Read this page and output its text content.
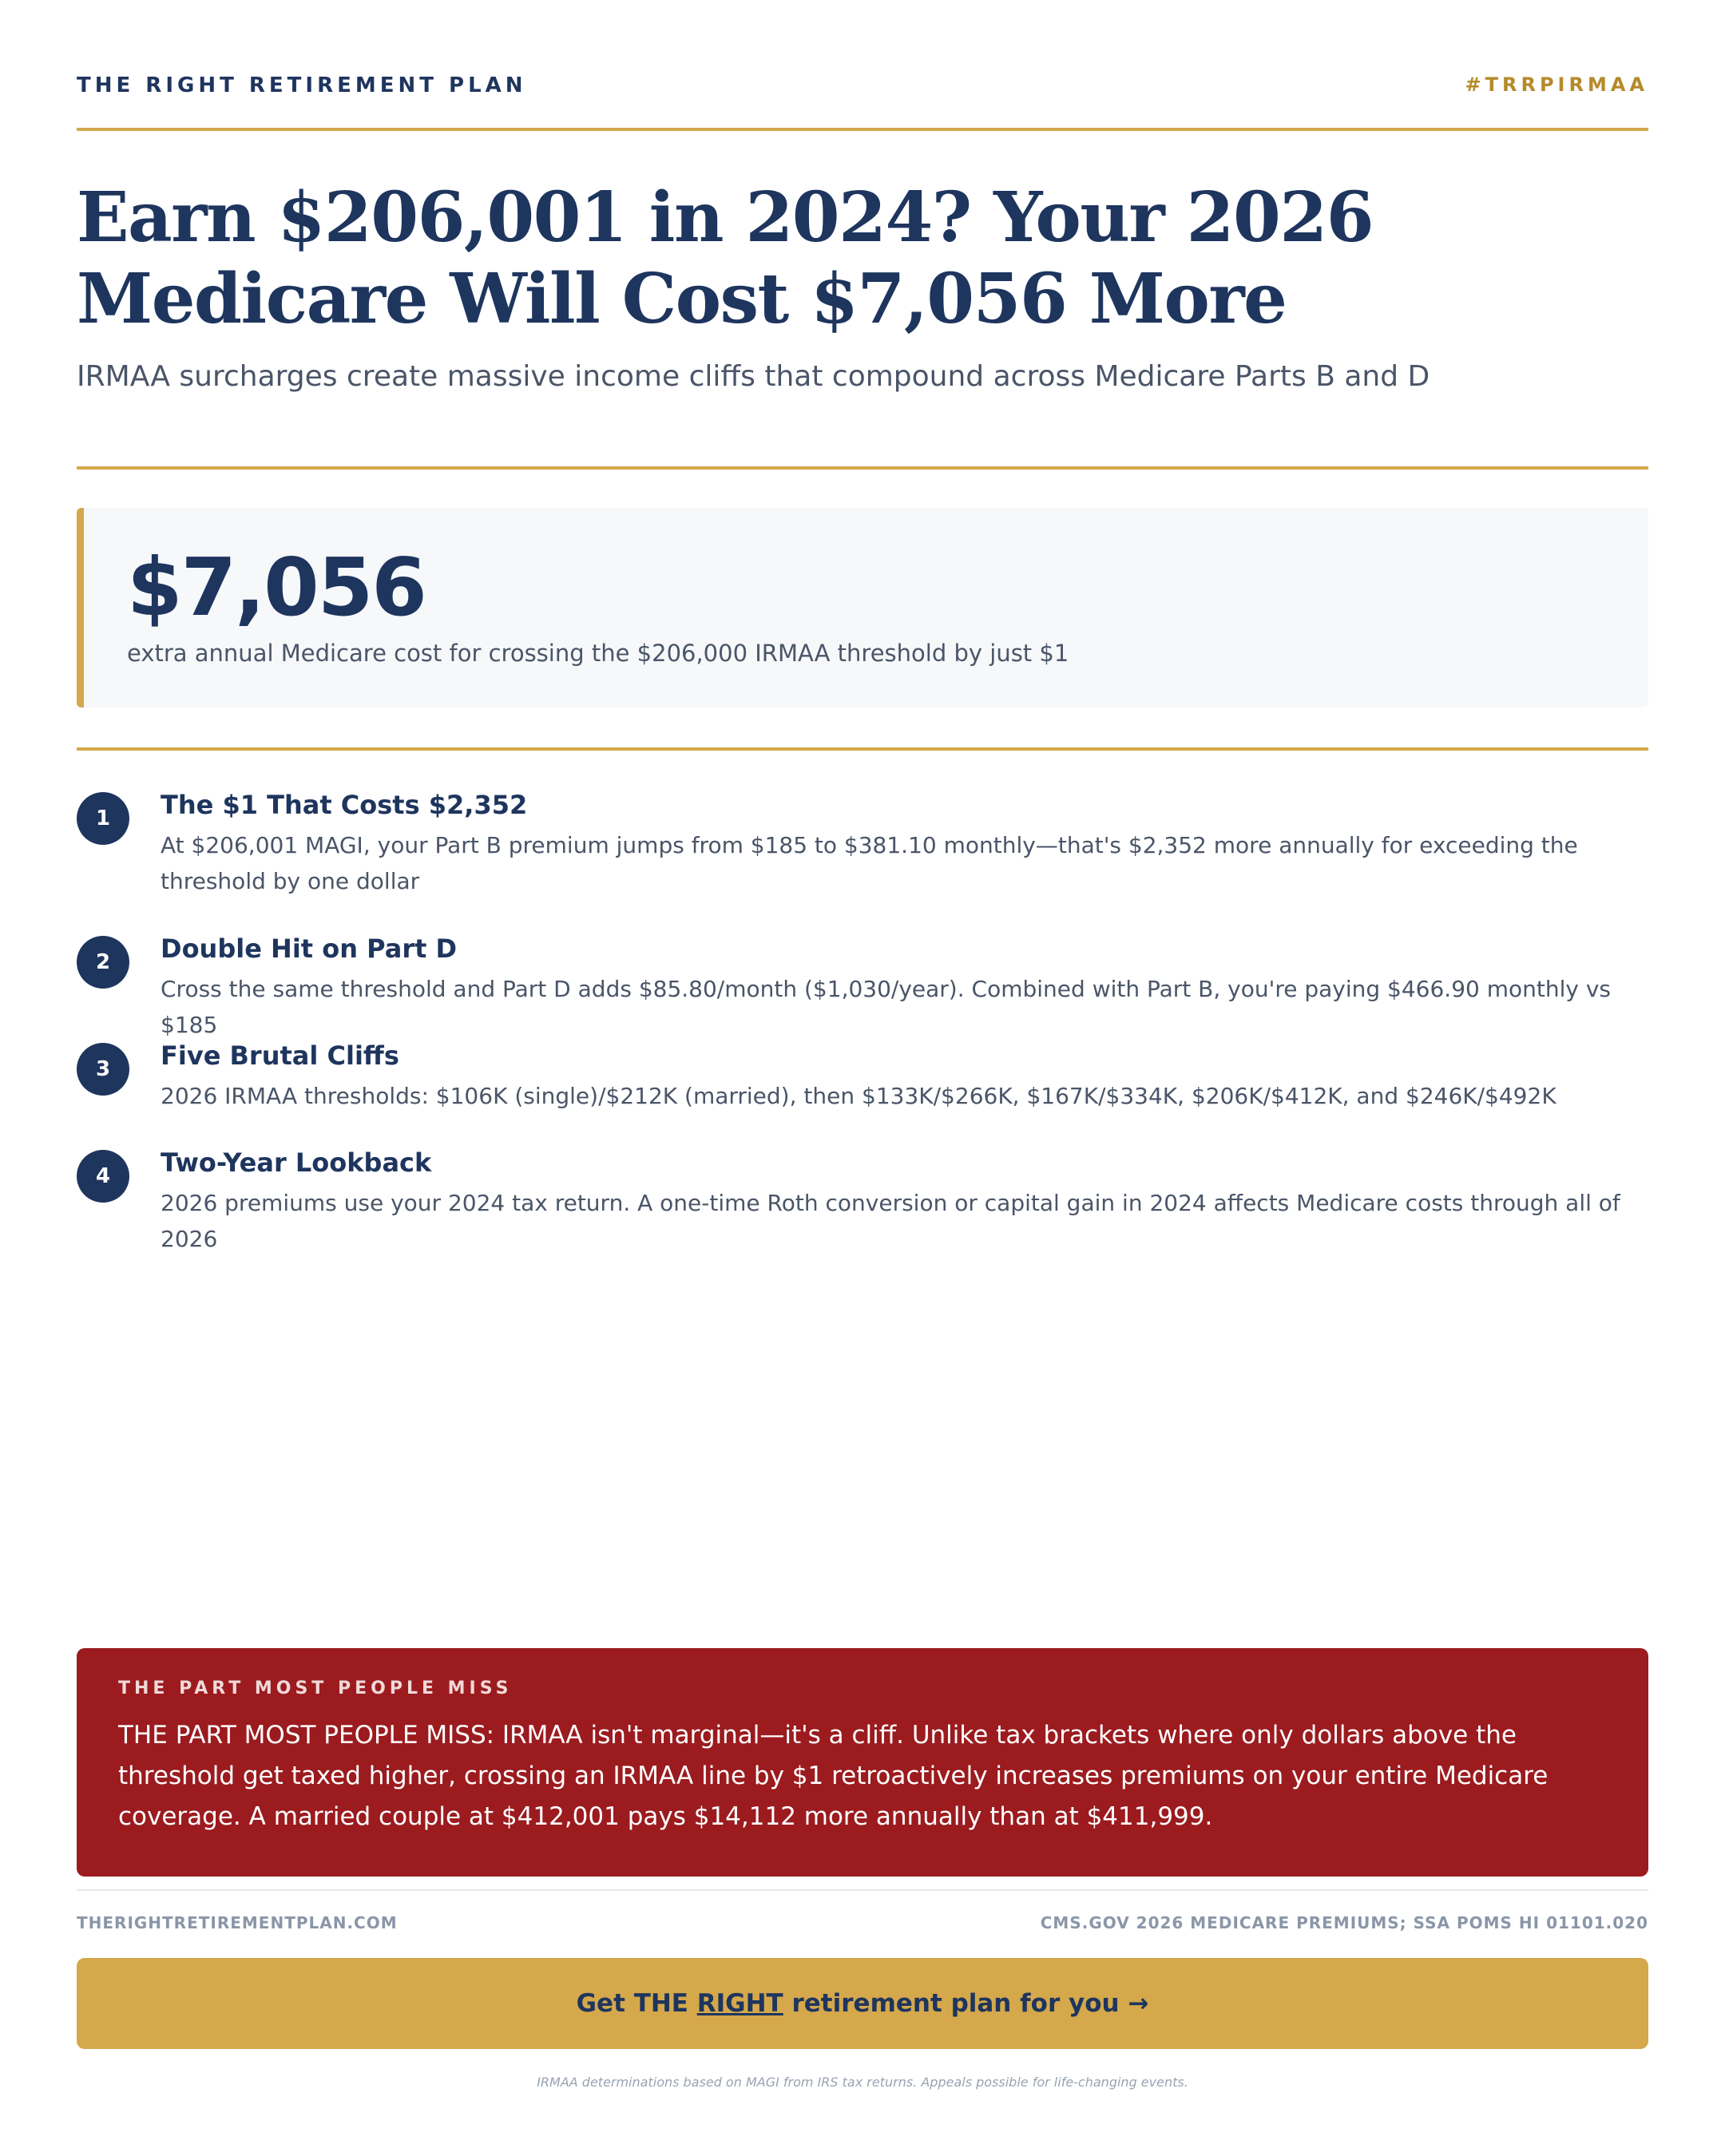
THE RIGHT RETIREMENT PLAN	#TRRPIRMAA
Earn $206,001 in 2024? Your 2026 Medicare Will Cost $7,056 More

IRMAA surcharges create massive income cliffs that compound across Medicare Parts B and D

$7,056
extra annual Medicare cost for crossing the $206,000 IRMAA threshold by just $1
1	The $1 That Costs $2,352
At $206,001 MAGI, your Part B premium jumps from $185 to $381.10 monthly—that's $2,352 more annually for exceeding the threshold by one dollar
2	Double Hit on Part D
Cross the same threshold and Part D adds $85.80/month ($1,030/year). Combined with Part B, you're paying $466.90 monthly vs $185
3	Five Brutal Cliffs
2026 IRMAA thresholds: $106K (single)/$212K (married), then $133K/$266K, $167K/$334K, $206K/$412K, and $246K/$492K
4	Two-Year Lookback
2026 premiums use your 2024 tax return. A one-time Roth conversion or capital gain in 2024 affects Medicare costs through all of 2026
THE PART MOST PEOPLE MISS
THE PART MOST PEOPLE MISS: IRMAA isn't marginal—it's a cliff. Unlike tax brackets where only dollars above the threshold get taxed higher, crossing an IRMAA line by $1 retroactively increases premiums on your entire Medicare coverage. A married couple at $412,001 pays $14,112 more annually than at $411,999.
THERIGHTRETIREMENTPLAN.COM	CMS.GOV 2026 MEDICARE PREMIUMS; SSA POMS HI 01101.020
Get THE RIGHT retirement plan for you →
IRMAA determinations based on MAGI from IRS tax returns. Appeals possible for life-changing events.
